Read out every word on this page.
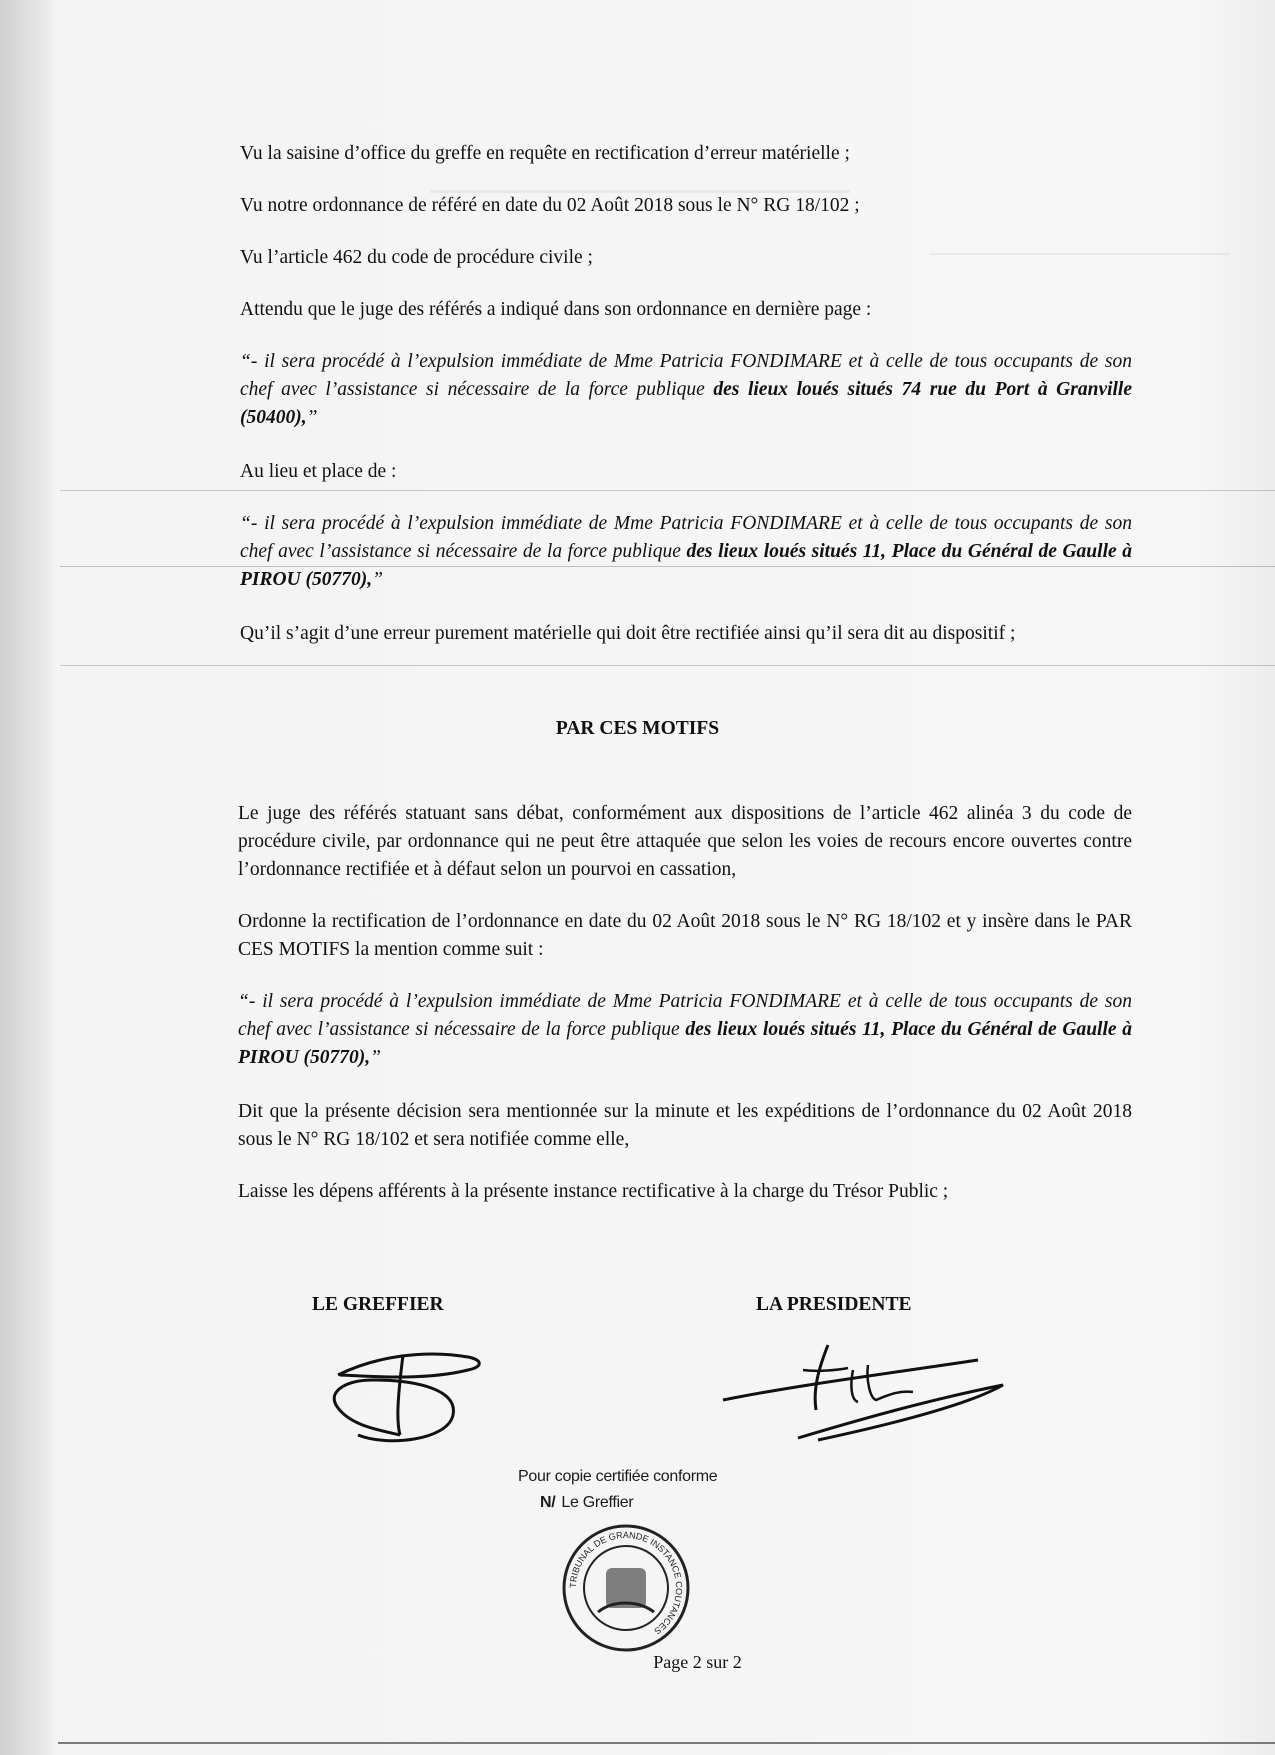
Vu la saisine d’office du greffe en requête en rectification d’erreur matérielle ;

Vu notre ordonnance de référé en date du 02 Août 2018 sous le N° RG 18/102 ;

Vu l’article 462 du code de procédure civile ;

Attendu que le juge des référés a indiqué dans son ordonnance en dernière page :

“- il sera procédé à l’expulsion immédiate de Mme Patricia FONDIMARE et à celle de tous occupants de son chef avec l’assistance si nécessaire de la force publique des lieux loués situés 74 rue du Port à Granville (50400),”

Au lieu et place de :

“- il sera procédé à l’expulsion immédiate de Mme Patricia FONDIMARE et à celle de tous occupants de son chef avec l’assistance si nécessaire de la force publique des lieux loués situés 11, Place du Général de Gaulle à PIROU (50770),”

Qu’il s’agit d’une erreur purement matérielle qui doit être rectifiée ainsi qu’il sera dit au dispositif ;

PAR CES MOTIFS

Le juge des référés statuant sans débat, conformément aux dispositions de l’article 462 alinéa 3 du code de procédure civile, par ordonnance qui ne peut être attaquée que selon les voies de recours encore ouvertes contre l’ordonnance rectifiée et à défaut selon un pourvoi en cassation,

Ordonne la rectification de l’ordonnance en date du 02 Août 2018 sous le N° RG 18/102 et y insère dans le PAR CES MOTIFS la mention comme suit :

“- il sera procédé à l’expulsion immédiate de Mme Patricia FONDIMARE et à celle de tous occupants de son chef avec l’assistance si nécessaire de la force publique des lieux loués situés 11, Place du Général de Gaulle à PIROU (50770),”

Dit que la présente décision sera mentionnée sur la minute et les expéditions de l’ordonnance du 02 Août 2018 sous le N° RG 18/102 et sera notifiée comme elle,

Laisse les dépens afférents à la présente instance rectificative à la charge du Trésor Public ;

LE GREFFIER	LA PRESIDENTE
Pour copie certifiée conforme
N/ Le Greffier
TRIBUNAL DE GRANDE INSTANCE COUTANCES
Page 2 sur 2
